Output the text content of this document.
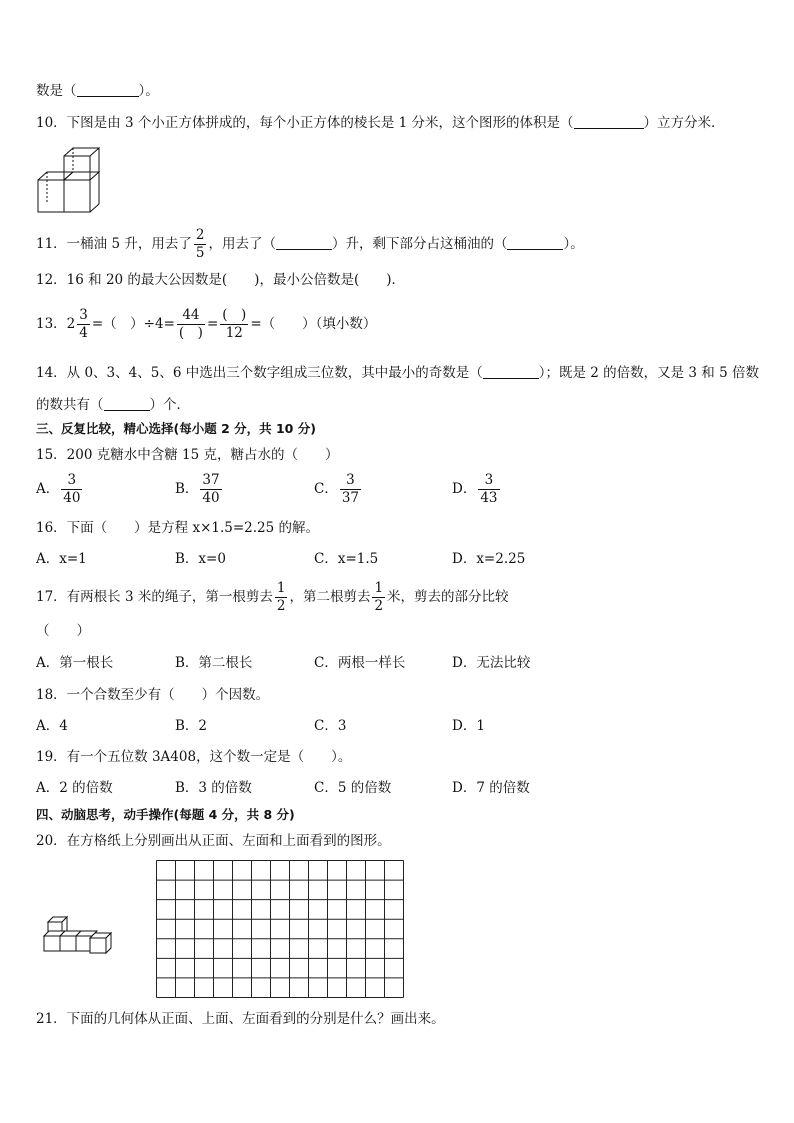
数是（	）。
10．下图是由 3 个小正方体拼成的，每个小正方体的棱长是 1 分米，这个图形的体积是（	）立方分米．
11．一桶油 5 升，用去了 $\frac{2}{5}$ ，用去了（	）升，剩下部分占这桶油的（	）。
12．16 和 20 的最大公因数是(　　)，最小公倍数是(　　)．
13．$2 \frac{3}{4}$ =（　）$\div 4= \frac{44}{( )} = \frac{( )}{12}$ =（　　）（填小数）
14．从 0、3、4、5、6 中选出三个数字组成三位数，其中最小的奇数是（	）；既是 2 的倍数，又是 3 和 5 倍数
的数共有（	）个．
三、反复比较，精心选择(每小题 2 分，共 10 分)
15．200 克糖水中含糖 15 克，糖占水的（　　）
A． $\frac{3}{40}$	B． $\frac{37}{40}$	C． $\frac{3}{37}$	D． $\frac{3}{43}$
16．下面（　　）是方程 x×1.5=2.25 的解。
A．x=1	B．x=0	C．x=1.5	D．x=2.25
17．有两根长 3 米的绳子，第一根剪去 $\frac{1}{2}$ ，第二根剪去 $\frac{1}{2}$ 米，剪去的部分比较
（　　）
A．第一根长	B．第二根长	C．两根一样长	D．无法比较
18．一个合数至少有（　　）个因数。
A．4	B．2	C．3	D．1
19．有一个五位数 3A408，这个数一定是（　　）。
A．2 的倍数	B．3 的倍数	C．5 的倍数	D．7 的倍数
四、动脑思考，动手操作(每题 4 分，共 8 分)
20．在方格纸上分别画出从正面、左面和上面看到的图形。
21．下面的几何体从正面、上面、左面看到的分别是什么？画出来。
